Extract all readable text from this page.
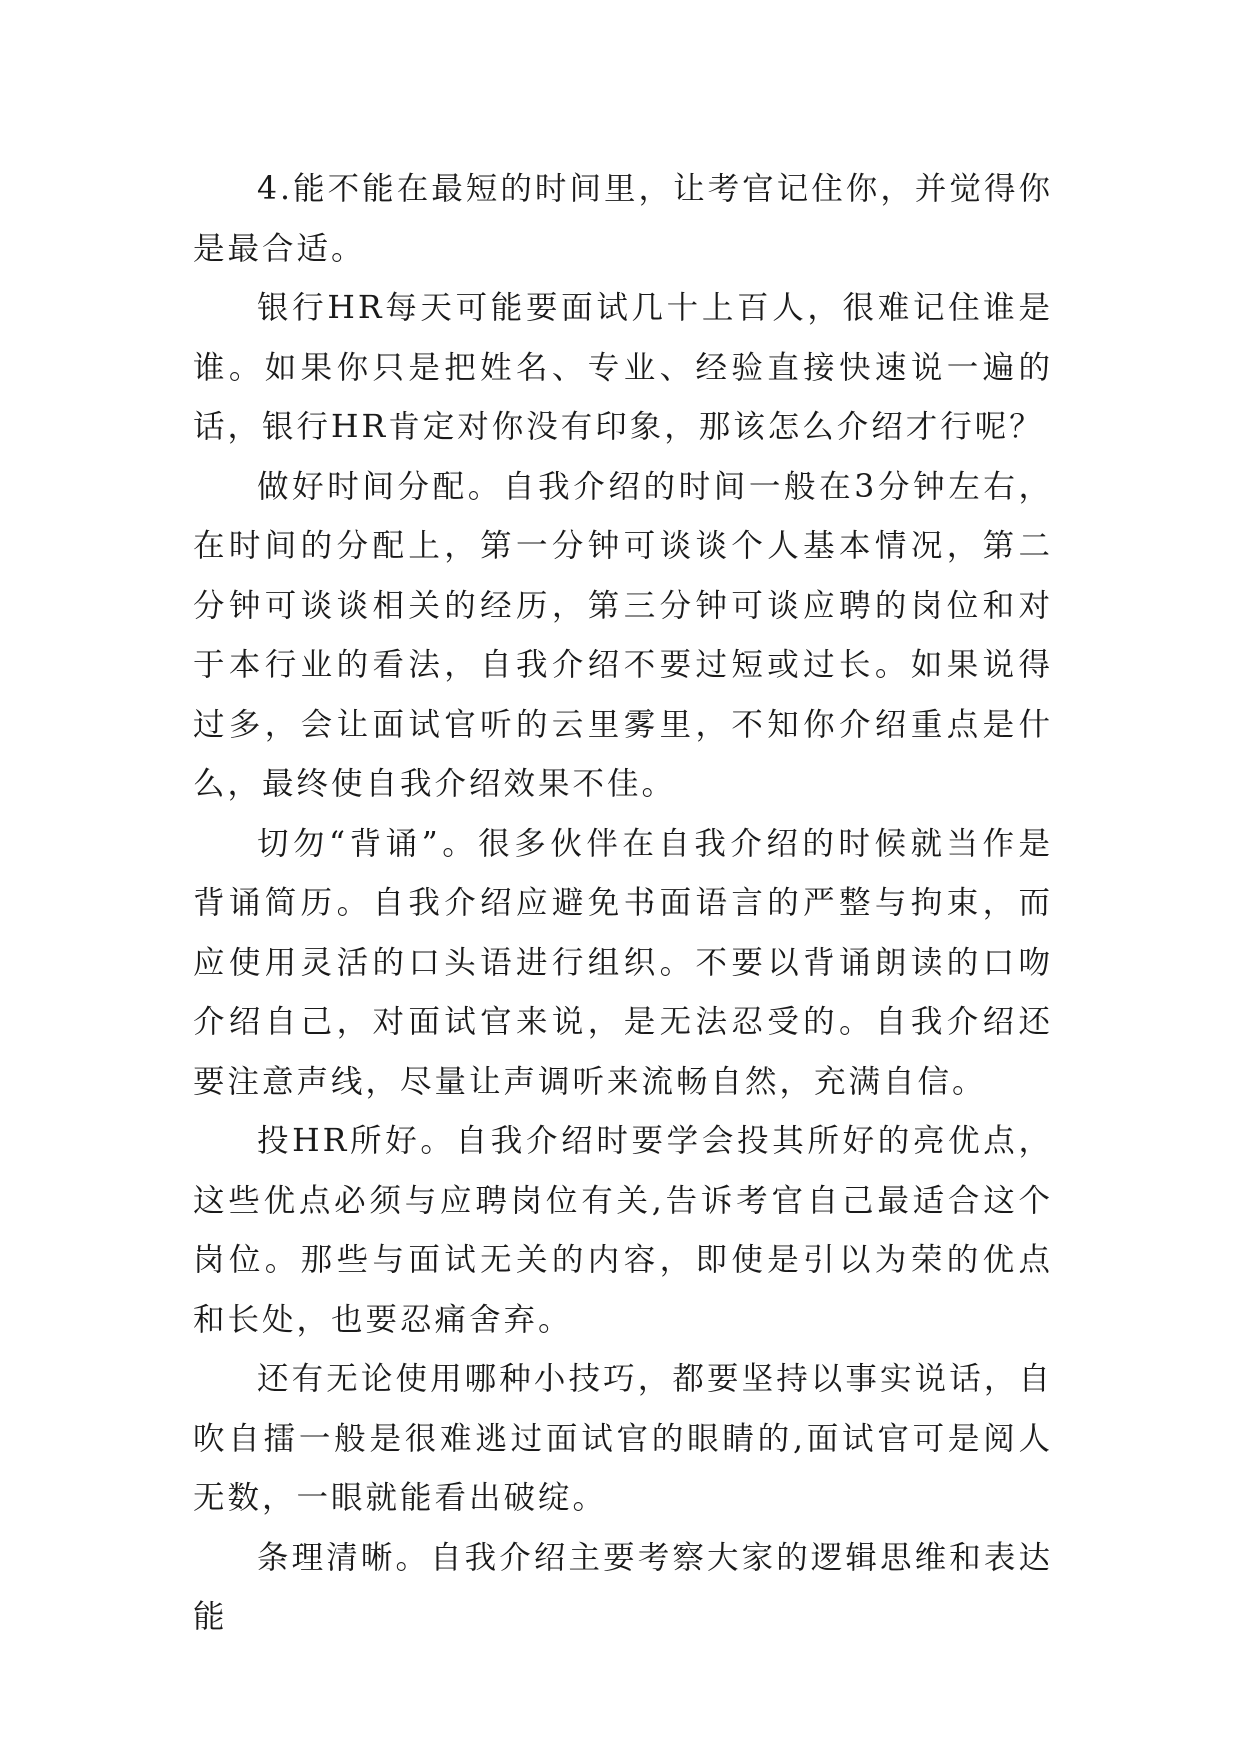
4.能不能在最短的时间里，让考官记住你，并觉得你是最合适。

银行HR每天可能要面试几十上百人，很难记住谁是谁。如果你只是把姓名、专业、经验直接快速说一遍的话，银行HR肯定对你没有印象，那该怎么介绍才行呢？

做好时间分配。自我介绍的时间一般在3分钟左右，在时间的分配上，第一分钟可谈谈个人基本情况，第二分钟可谈谈相关的经历，第三分钟可谈应聘的岗位和对于本行业的看法，自我介绍不要过短或过长。如果说得过多，会让面试官听的云里雾里，不知你介绍重点是什么，最终使自我介绍效果不佳。

切勿“背诵”。很多伙伴在自我介绍的时候就当作是背诵简历。自我介绍应避免书面语言的严整与拘束，而应使用灵活的口头语进行组织。不要以背诵朗读的口吻介绍自己，对面试官来说，是无法忍受的。自我介绍还要注意声线，尽量让声调听来流畅自然，充满自信。

投HR所好。自我介绍时要学会投其所好的亮优点，这些优点必须与应聘岗位有关,告诉考官自己最适合这个岗位。那些与面试无关的内容，即使是引以为荣的优点和长处，也要忍痛舍弃。

还有无论使用哪种小技巧，都要坚持以事实说话，自吹自擂一般是很难逃过面试官的眼睛的,面试官可是阅人无数，一眼就能看出破绽。

条理清晰。自我介绍主要考察大家的逻辑思维和表达能
